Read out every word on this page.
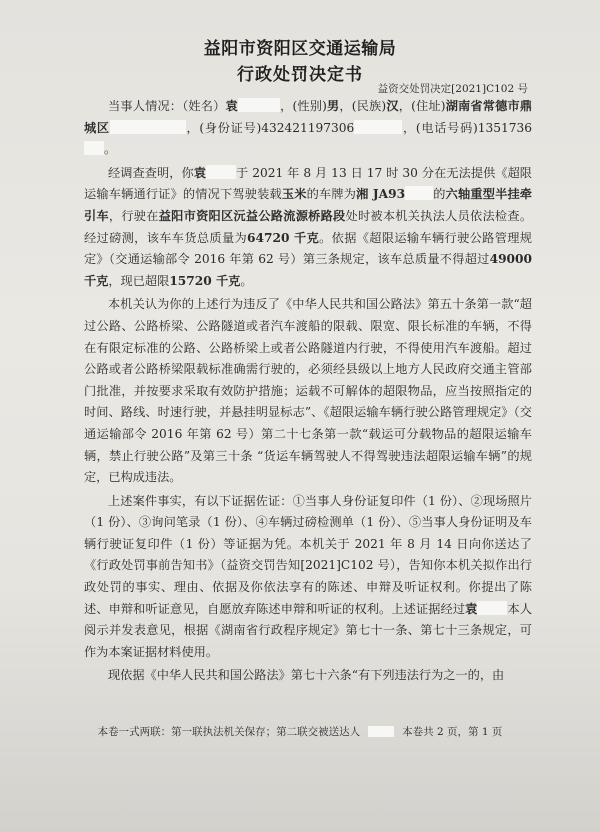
益阳市资阳区交通运输局
行政处罚决定书
益资交处罚决定[2021]C102 号

当事人情况：（姓名）袁	，(性别)男，(民族)汉，(住址)湖南省常德市鼎城区	，(身份证号)432421197306	，(电话号码)1351736。

经调查查明，你袁 于 2021 年 8 月 13 日 17 时 30 分在无法提供《超限运输车辆通行证》的情况下驾驶装载玉米的车牌为湘 JA93 的六轴重型半挂牵引车，行驶在益阳市资阳区沅益公路流源桥路段处时被本机关执法人员依法检查。经过磅测，该车车货总质量为64720 千克。依据《超限运输车辆行驶公路管理规定》（交通运输部令 2016 年第 62 号）第三条规定，该车总质量不得超过49000 千克，现已超限15720 千克。

本机关认为你的上述行为违反了《中华人民共和国公路法》第五十条第一款“超过公路、公路桥梁、公路隧道或者汽车渡船的限载、限宽、限长标准的车辆，不得在有限定标准的公路、公路桥梁上或者公路隧道内行驶，不得使用汽车渡船。超过公路或者公路桥梁限载标准确需行驶的，必须经县级以上地方人民政府交通主管部门批准，并按要求采取有效防护措施；运载不可解体的超限物品，应当按照指定的时间、路线、时速行驶，并悬挂明显标志”、《超限运输车辆行驶公路管理规定》（交通运输部令 2016 年第 62 号）第二十七条第一款“载运可分载物品的超限运输车辆，禁止行驶公路”及第三十条 “货运车辆驾驶人不得驾驶违法超限运输车辆”的规定，已构成违法。

上述案件事实，有以下证据佐证：①当事人身份证复印件（1 份）、②现场照片（1 份）、③询问笔录（1 份）、④车辆过磅检测单（1 份）、⑤当事人身份证明及车辆行驶证复印件（1 份）等证据为凭。本机关于 2021 年 8 月 14 日向你送达了《行政处罚事前告知书》（益资交罚告知[2021]C102 号），告知你本机关拟作出行政处罚的事实、理由、依据及你依法享有的陈述、申辩及听证权利。你提出了陈述、申辩和听证意见，自愿放弃陈述申辩和听证的权利。上述证据经过袁 本人阅示并发表意见，根据《湖南省行政程序规定》第七十一条、第七十三条规定，可作为本案证据材料使用。

现依据《中华人民共和国公路法》第七十六条“有下列违法行为之一的，由

本卷一式两联：第一联执法机关保存；第二联交被送达人	本卷共 2 页，第 1 页
